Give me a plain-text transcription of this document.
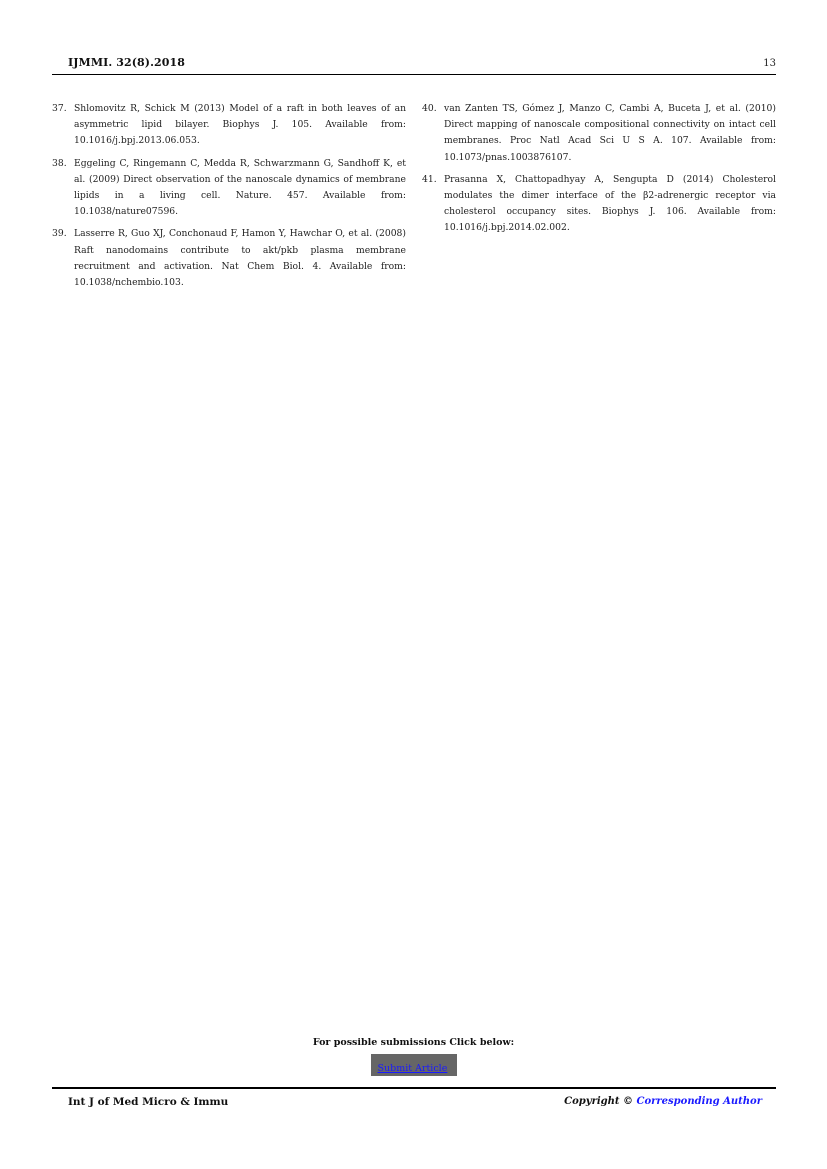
IJMMI. 32(8).2018	13
37. Shlomovitz R, Schick M (2013) Model of a raft in both leaves of an asymmetric lipid bilayer. Biophys J. 105. Available from: 10.1016/j.bpj.2013.06.053.
38. Eggeling C, Ringemann C, Medda R, Schwarzmann G, Sandhoff K, et al. (2009) Direct observation of the nanoscale dynamics of membrane lipids in a living cell. Nature. 457. Available from: 10.1038/nature07596.
39. Lasserre R, Guo XJ, Conchonaud F, Hamon Y, Hawchar O, et al. (2008) Raft nanodomains contribute to akt/pkb plasma membrane recruitment and activation. Nat Chem Biol. 4. Available from: 10.1038/nchembio.103.
40. van Zanten TS, Gómez J, Manzo C, Cambi A, Buceta J, et al. (2010) Direct mapping of nanoscale compositional connectivity on intact cell membranes. Proc Natl Acad Sci U S A. 107. Available from: 10.1073/pnas.1003876107.
41. Prasanna X, Chattopadhyay A, Sengupta D (2014) Cholesterol modulates the dimer interface of the β2-adrenergic receptor via cholesterol occupancy sites. Biophys J. 106. Available from: 10.1016/j.bpj.2014.02.002.
For possible submissions Click below:
Submit Article
Int J of Med Micro & Immu	Copyright © Corresponding Author
